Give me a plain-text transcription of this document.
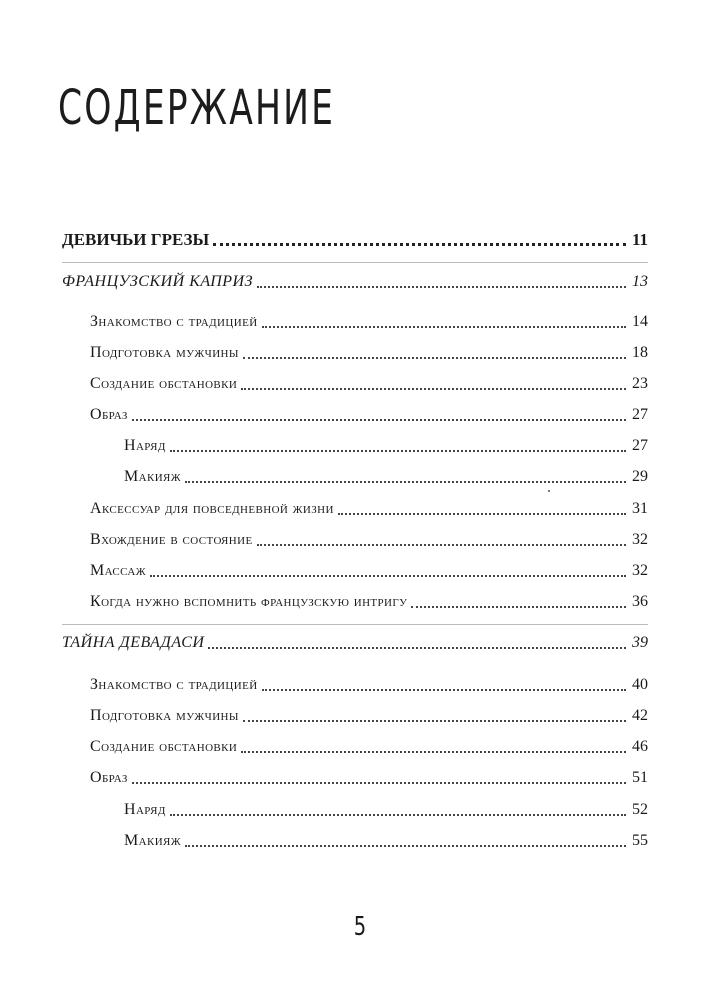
СОДЕРЖАНИЕ
ДЕВИЧЬИ ГРЕЗЫ	11
ФРАНЦУЗСКИЙ КАПРИЗ	13
Знакомство с традицией	14
Подготовка мужчины	18
Создание обстановки	23
Образ	27
Наряд	27
Макияж	29
Аксессуар для повседневной жизни	31
Вхождение в состояние	32
Массаж	32
Когда нужно вспомнить французскую интригу	36
ТАЙНА ДЕВАДАСИ	39
Знакомство с традицией	40
Подготовка мужчины	42
Создание обстановки	46
Образ	51
Наряд	52
Макияж	55
5
